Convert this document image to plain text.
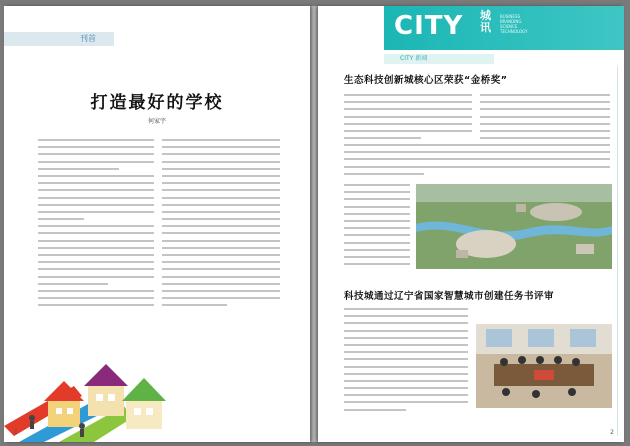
刊首
打造最好的学校
何家宇
1
CITY 城讯
BUSINESS
BRANDING
SCIENCE
TECHNOLOGY
CITY 新闻
生态科技创新城核心区荣获“金桥奖”
科技城通过辽宁省国家智慧城市创建任务书评审
2
